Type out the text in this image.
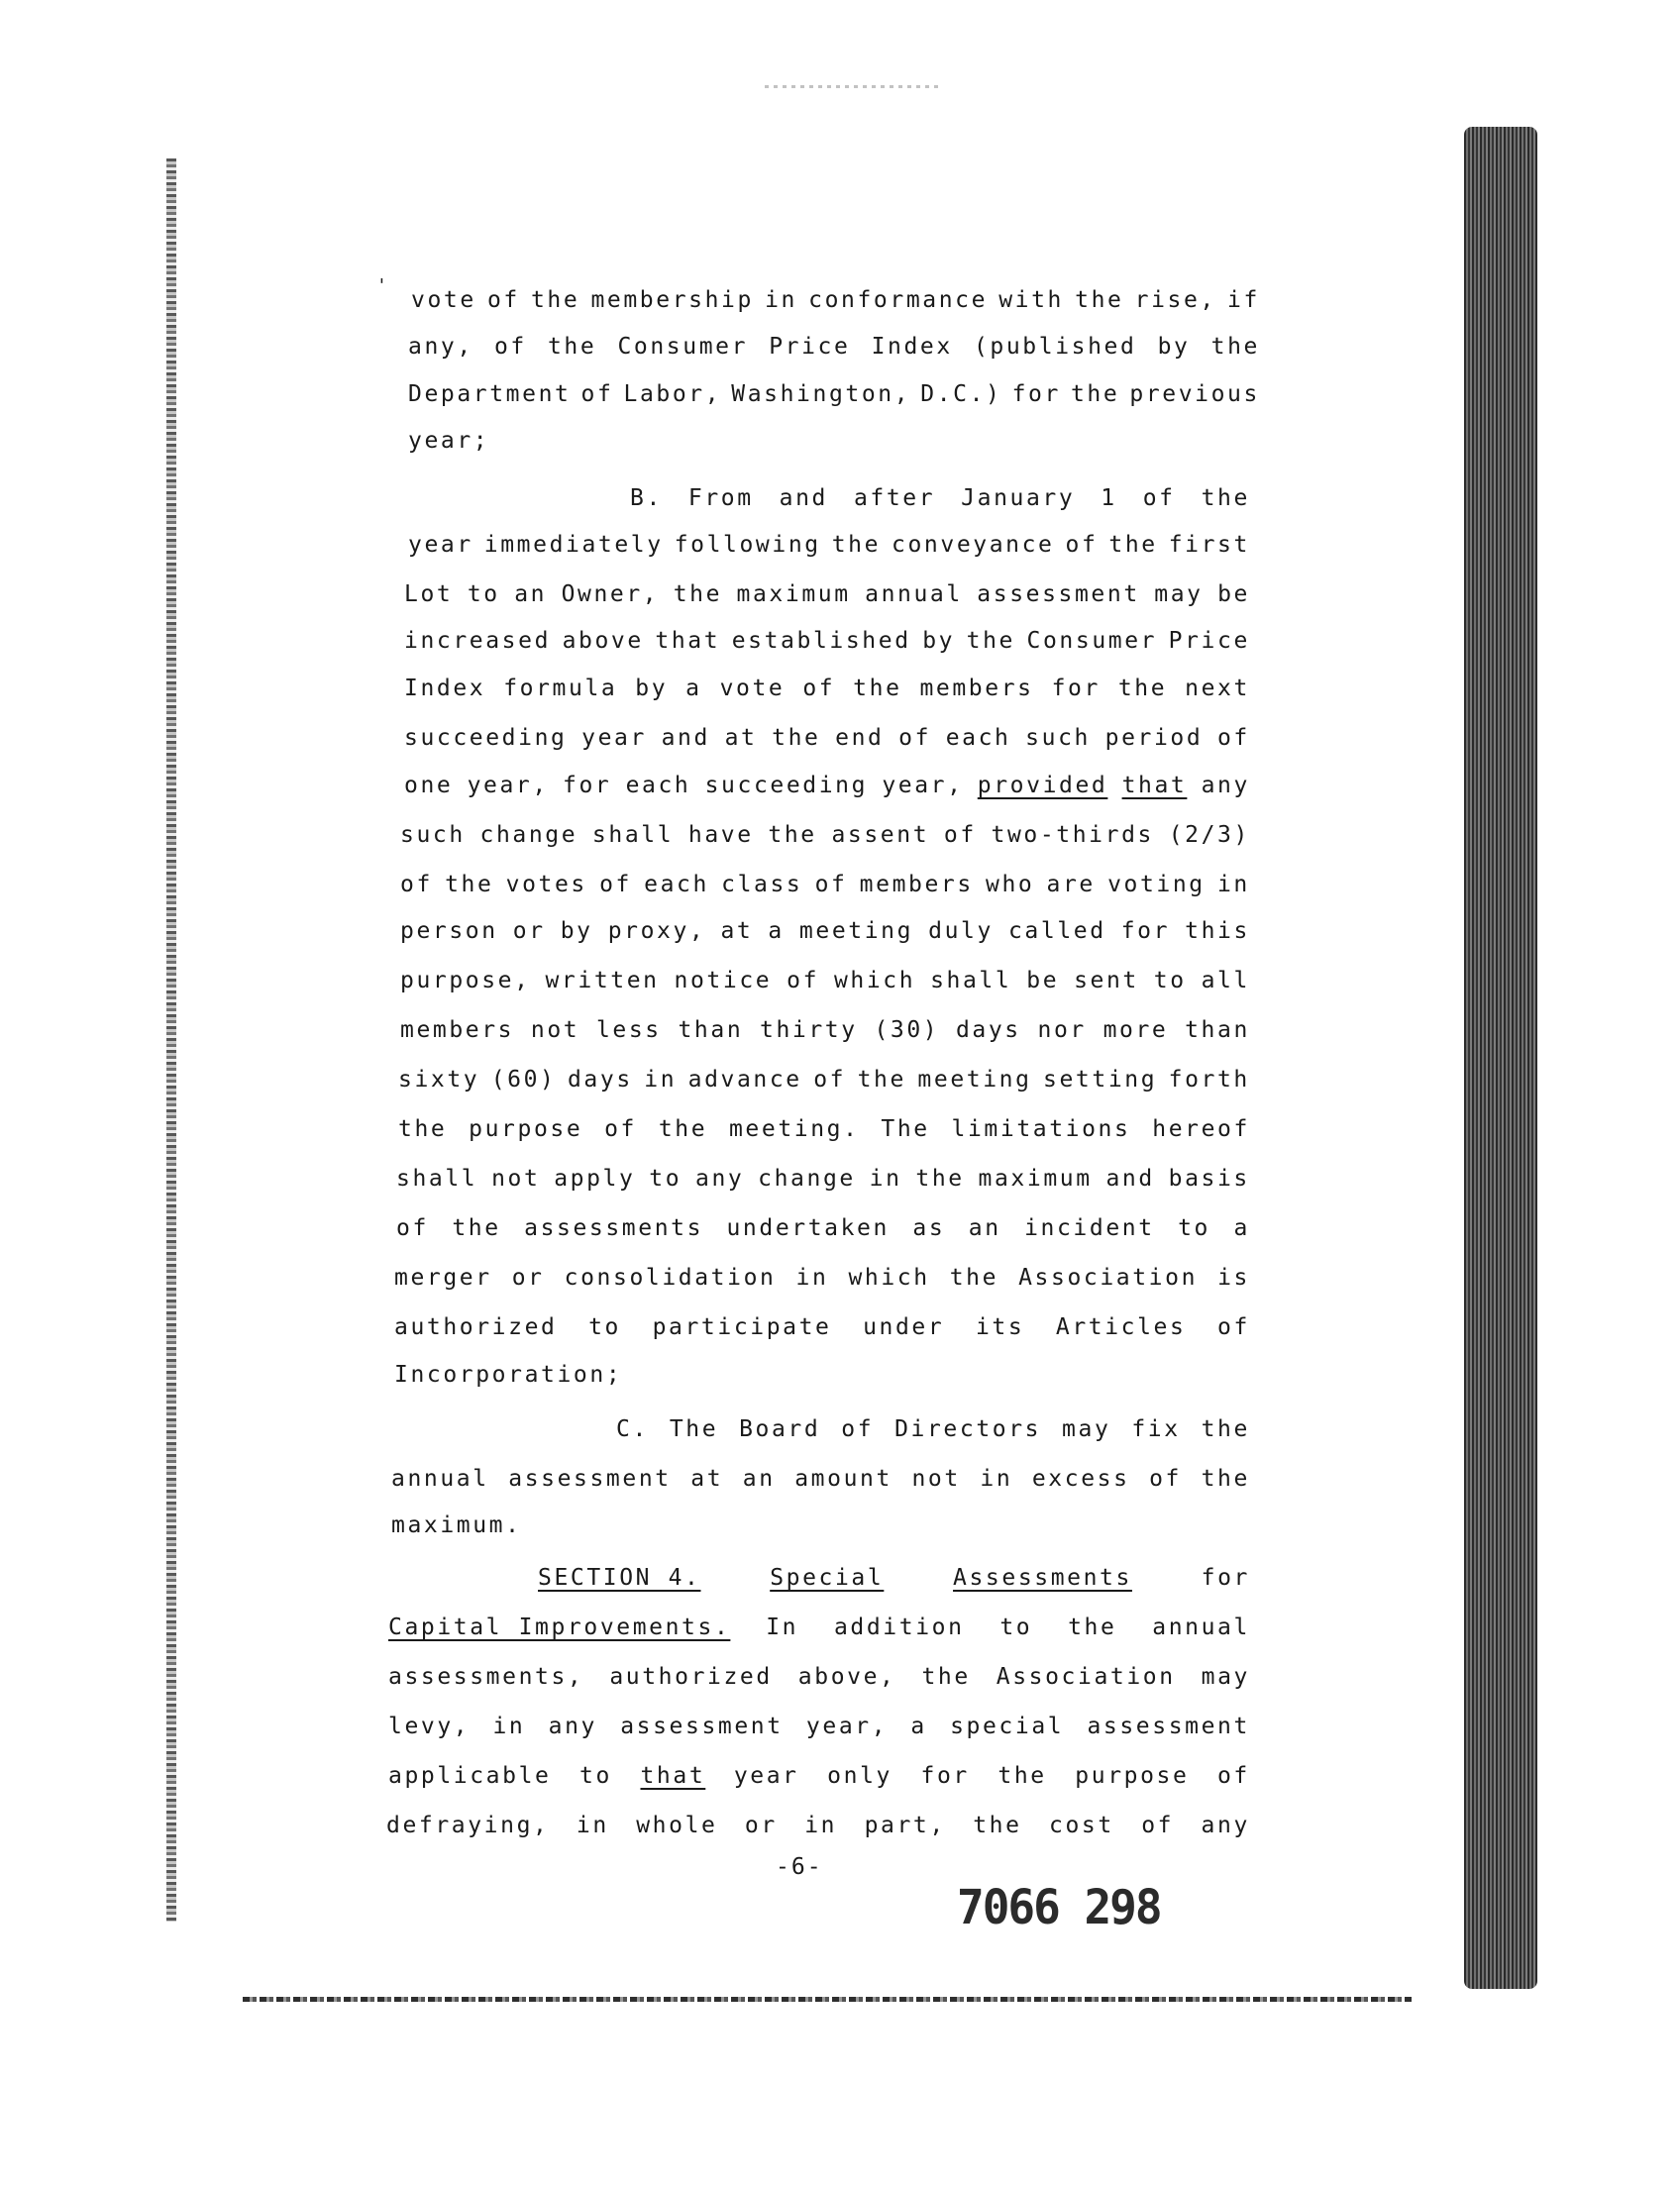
'
vote of the membership in conformance with the rise, if
any, of the Consumer Price Index (published by the
Department of Labor, Washington, D.C.) for the previous
year;
B. From and after January 1 of the
year immediately following the conveyance of the first
Lot to an Owner, the maximum annual assessment may be
increased above that established by the Consumer Price
Index formula by a vote of the members for the next
succeeding year and at the end of each such period of
one year, for each succeeding year, provided that any
such change shall have the assent of two-thirds (2/3)
of the votes of each class of members who are voting in
person or by proxy, at a meeting duly called for this
purpose, written notice of which shall be sent to all
members not less than thirty (30) days nor more than
sixty (60) days in advance of the meeting setting forth
the purpose of the meeting. The limitations hereof
shall not apply to any change in the maximum and basis
of the assessments undertaken as an incident to a
merger or consolidation in which the Association is
authorized to participate under its Articles of
Incorporation;
C. The Board of Directors may fix the
annual assessment at an amount not in excess of the
maximum.
SECTION 4.	Special	Assessments	for
Capital Improvements. In addition to the annual
assessments, authorized above, the Association may
levy, in any assessment year, a special assessment
applicable to that year only for the purpose of
defraying, in whole or in part, the cost of any
-6-
7066 298
